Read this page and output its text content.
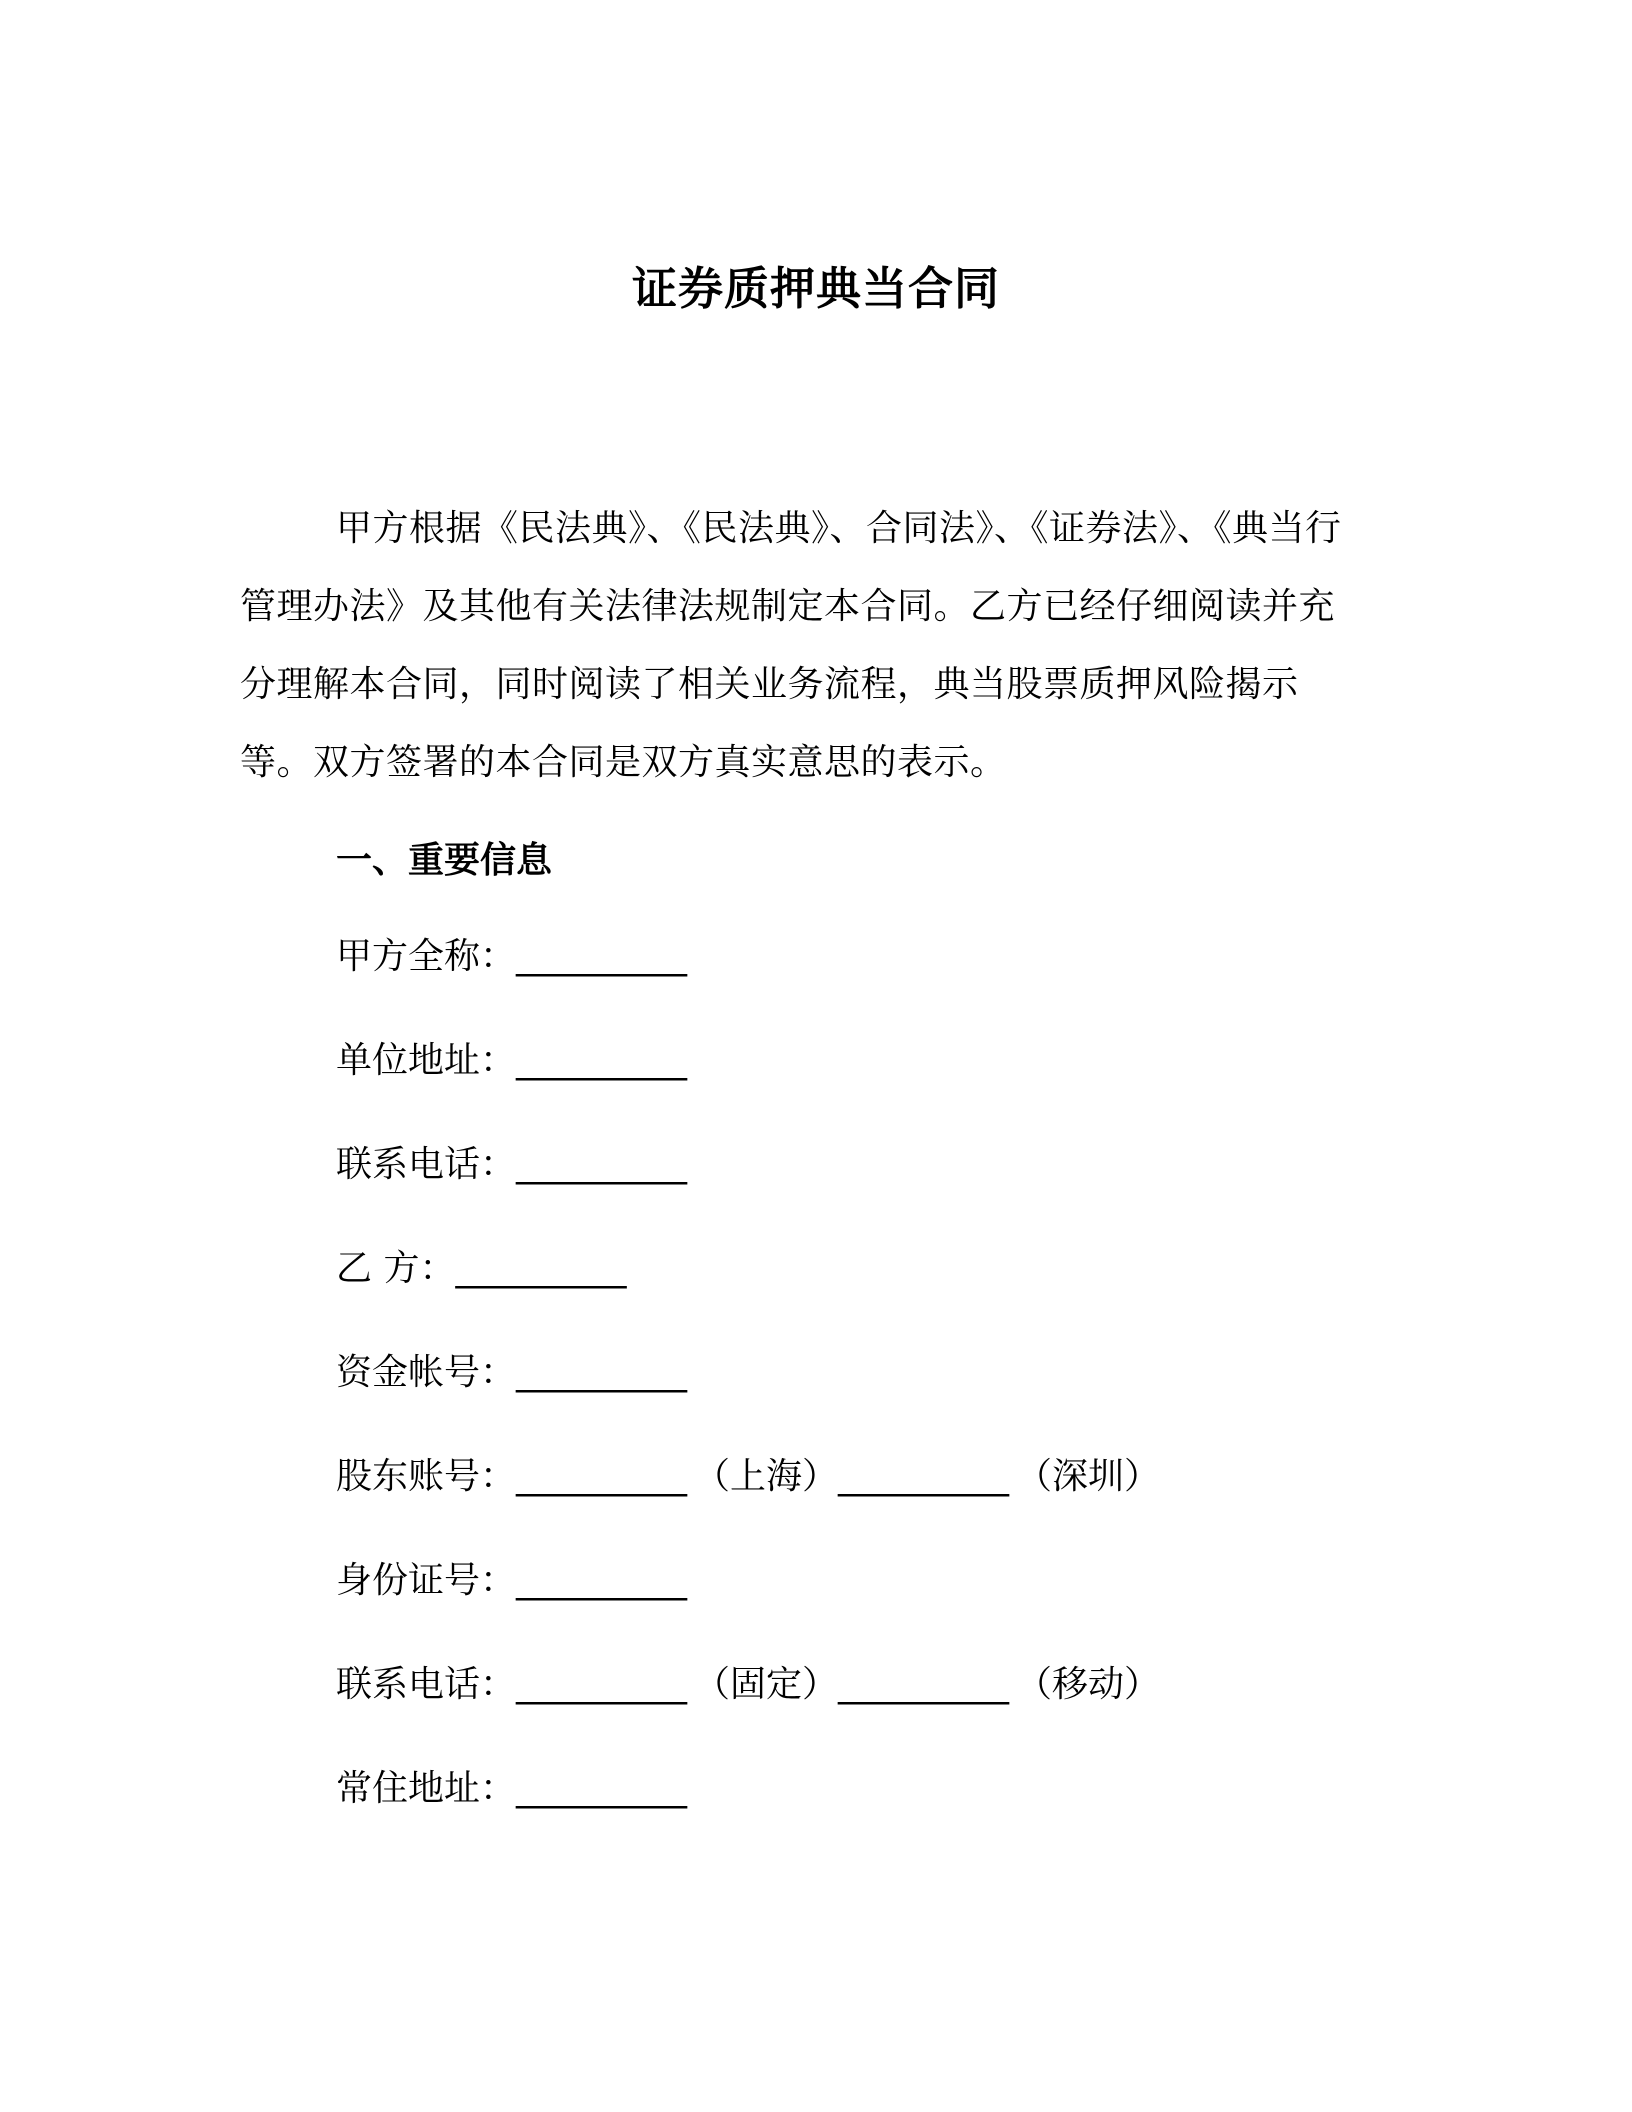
证券质押典当合同

甲方根据《民法典》、《民法典》、合同法》、《证券法》、《典当行管理办法》及其他有关法律法规制定本合同。乙方已经仔细阅读并充分理解本合同，同时阅读了相关业务流程，典当股票质押风险揭示等。双方签署的本合同是双方真实意思的表示。

一、重要信息
甲方全称：__________
单位地址：__________
联系电话：__________
乙 方：__________
资金帐号：__________
股东账号：__________ （上海）__________ （深圳）
身份证号：__________
联系电话：__________ （固定）__________ （移动）
常住地址：__________
